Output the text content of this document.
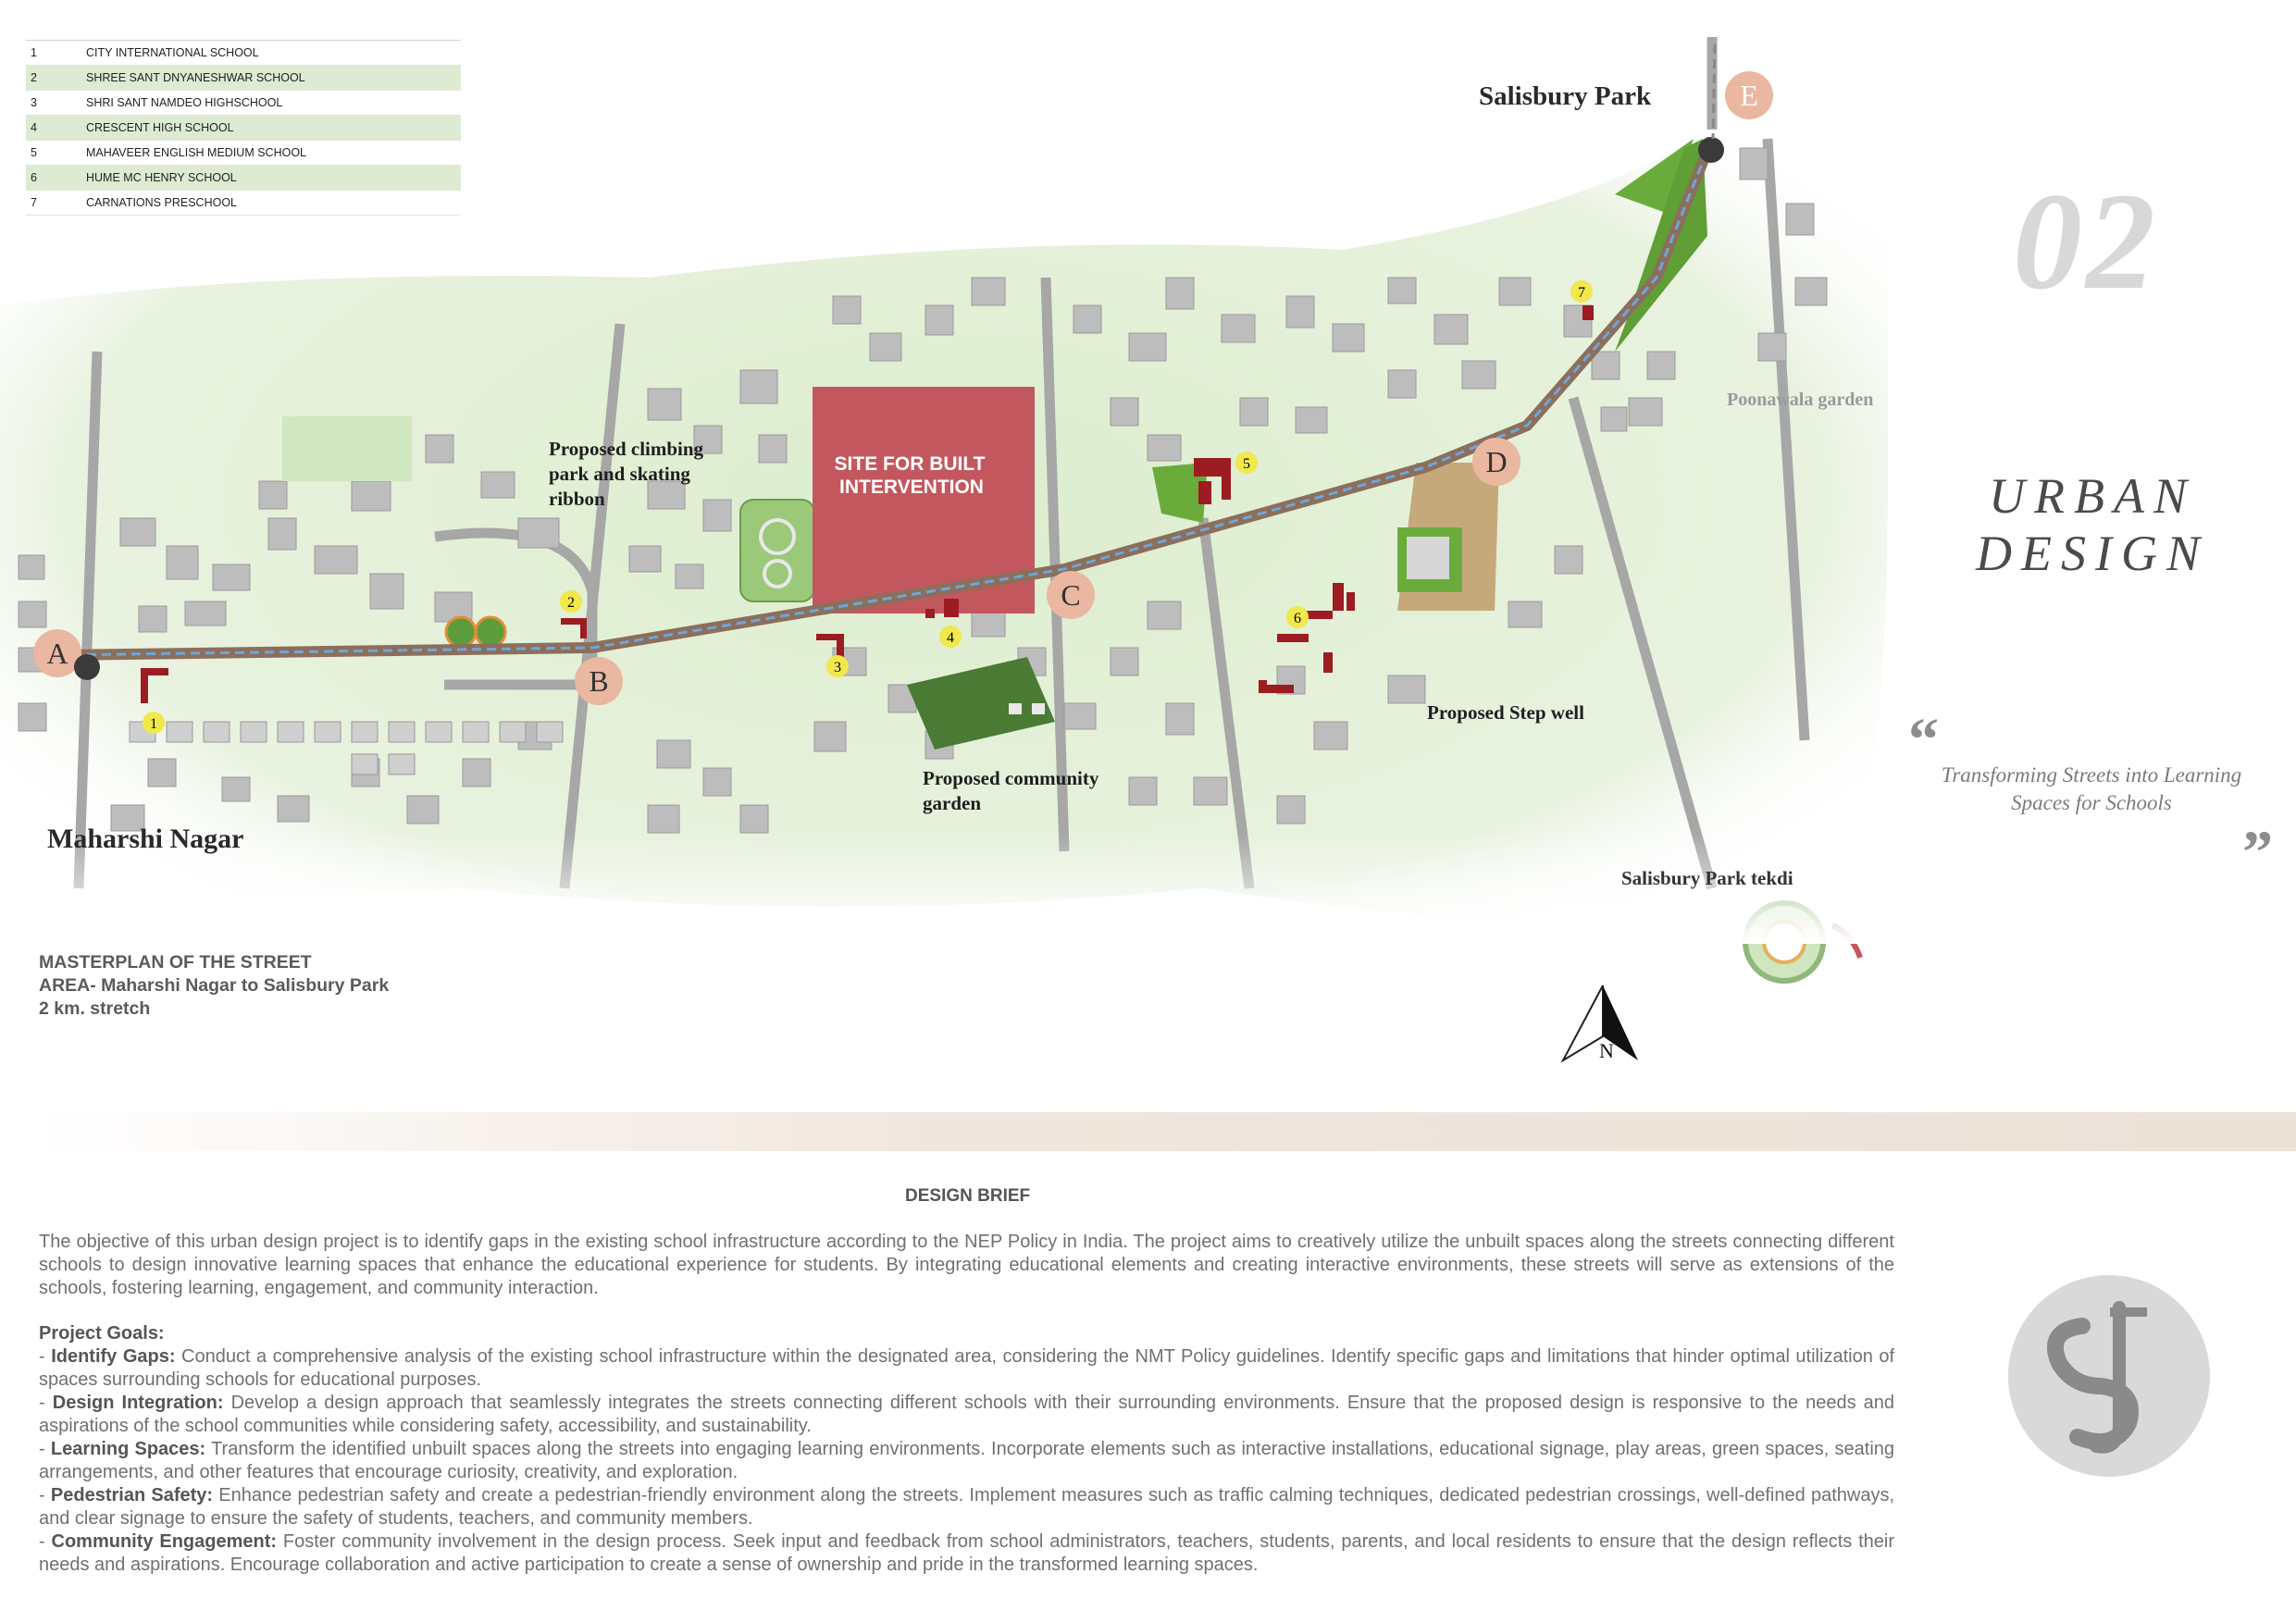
SITE FOR BUILT
INTERVENTION
1
2
3
4
5
6
7
A
B
C
D
E
N
1	CITY INTERNATIONAL SCHOOL
2	SHREE SANT DNYANESHWAR SCHOOL
3	SHRI SANT NAMDEO HIGHSCHOOL
4	CRESCENT HIGH SCHOOL
5	MAHAVEER ENGLISH MEDIUM SCHOOL
6	HUME MC HENRY SCHOOL
7	CARNATIONS PRESCHOOL
Salisbury Park
Maharshi Nagar
Poonawala garden
Salisbury Park tekdi
Proposed climbing park and skating ribbon
Proposed community garden
Proposed Step well
02
URBAN
DESIGN
“
Transforming Streets into Learning Spaces for Schools
”
MASTERPLAN OF THE STREET
AREA- Maharshi Nagar to Salisbury Park
2 km. stretch
DESIGN BRIEF

The objective of this urban design project is to identify gaps in the existing school infrastructure according to the NEP Policy in India. The project aims to creatively utilize the unbuilt spaces along the streets connecting different schools to design innovative learning spaces that enhance the educational experience for students. By integrating educational elements and creating interactive environments, these streets will serve as extensions of the schools, fostering learning, engagement, and community interaction.

Project Goals:
- Identify Gaps: Conduct a comprehensive analysis of the existing school infrastructure within the designated area, considering the NMT Policy guidelines. Identify specific gaps and limitations that hinder optimal utilization of spaces surrounding schools for educational purposes.
- Design Integration: Develop a design approach that seamlessly integrates the streets connecting different schools with their surrounding environments. Ensure that the proposed design is responsive to the needs and aspirations of the school communities while considering safety, accessibility, and sustainability.
- Learning Spaces: Transform the identified unbuilt spaces along the streets into engaging learning environments. Incorporate elements such as interactive installations, educational signage, play areas, green spaces, seating arrangements, and other features that encourage curiosity, creativity, and exploration.
- Pedestrian Safety: Enhance pedestrian safety and create a pedestrian-friendly environment along the streets. Implement measures such as traffic calming techniques, dedicated pedestrian crossings, well-defined pathways, and clear signage to ensure the safety of students, teachers, and community members.
- Community Engagement: Foster community involvement in the design process. Seek input and feedback from school administrators, teachers, students, parents, and local residents to ensure that the design reflects their needs and aspirations. Encourage collaboration and active participation to create a sense of ownership and pride in the transformed learning spaces.
